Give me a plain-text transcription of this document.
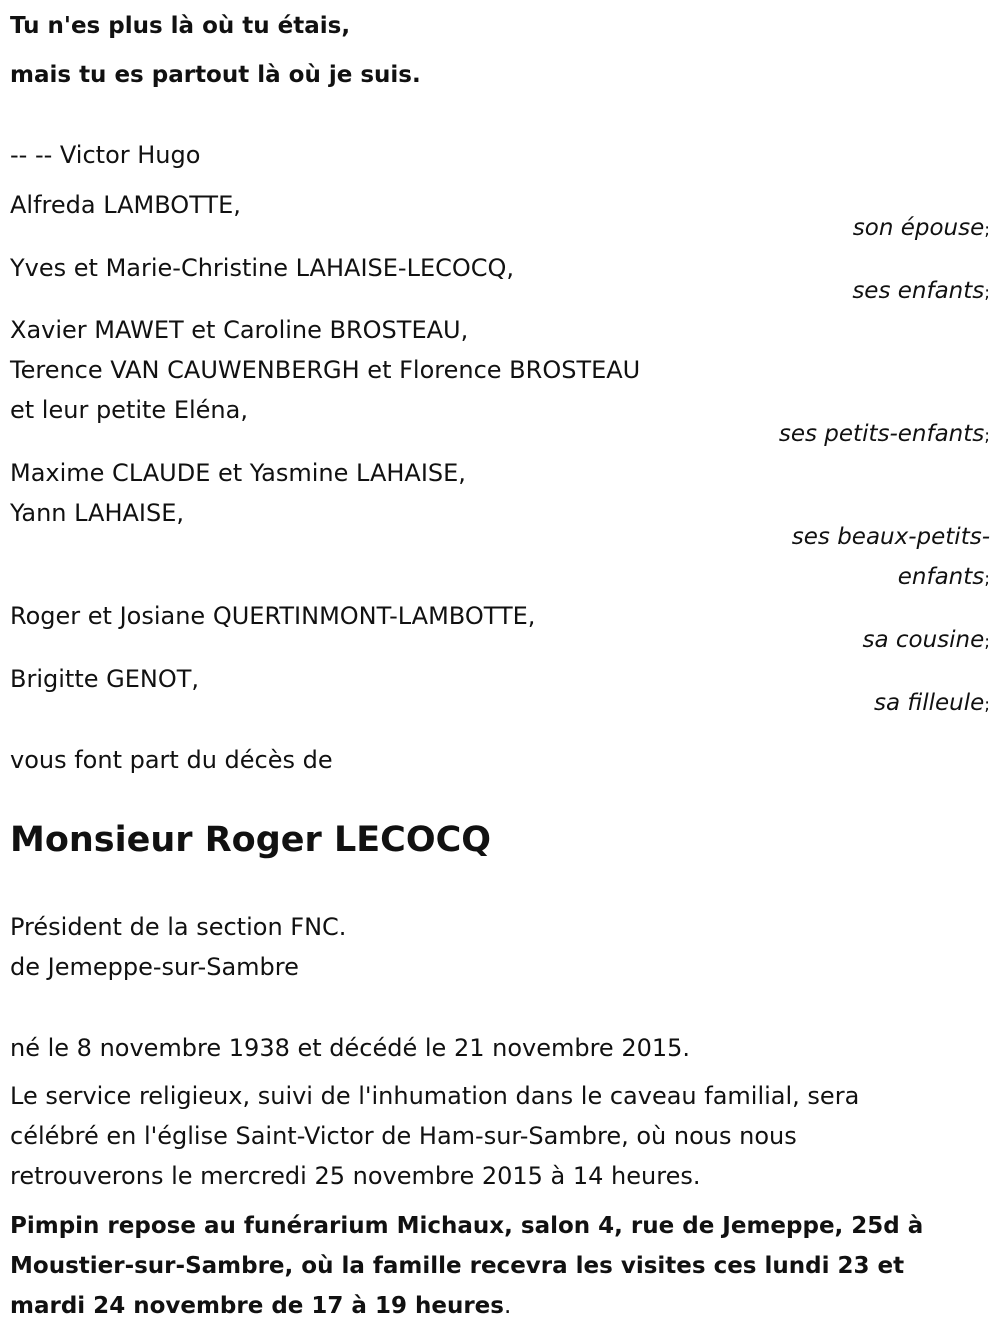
Tu n'es plus là où tu étais,
mais tu es partout là où je suis.
-- -- Victor Hugo
Alfreda LAMBOTTE,
son épouse;
Yves et Marie-Christine LAHAISE-LECOCQ,
ses enfants;
Xavier MAWET et Caroline BROSTEAU,
Terence VAN CAUWENBERGH et Florence BROSTEAU
et leur petite Eléna,
ses petits-enfants;
Maxime CLAUDE et Yasmine LAHAISE,
Yann LAHAISE,
ses beaux-petits-
enfants;
Roger et Josiane QUERTINMONT-LAMBOTTE,
sa cousine;
Brigitte GENOT,
sa filleule;
vous font part du décès de
Monsieur Roger LECOCQ
Président de la section FNC.
de Jemeppe-sur-Sambre
né le 8 novembre 1938 et décédé le 21 novembre 2015.
Le service religieux, suivi de l'inhumation dans le caveau familial, sera
célébré en l'église Saint-Victor de Ham-sur-Sambre, où nous nous
retrouverons le mercredi 25 novembre 2015 à 14 heures.
Pimpin repose au funérarium Michaux, salon 4, rue de Jemeppe, 25d à
Moustier-sur-Sambre, où la famille recevra les visites ces lundi 23 et
mardi 24 novembre de 17 à 19 heures.
